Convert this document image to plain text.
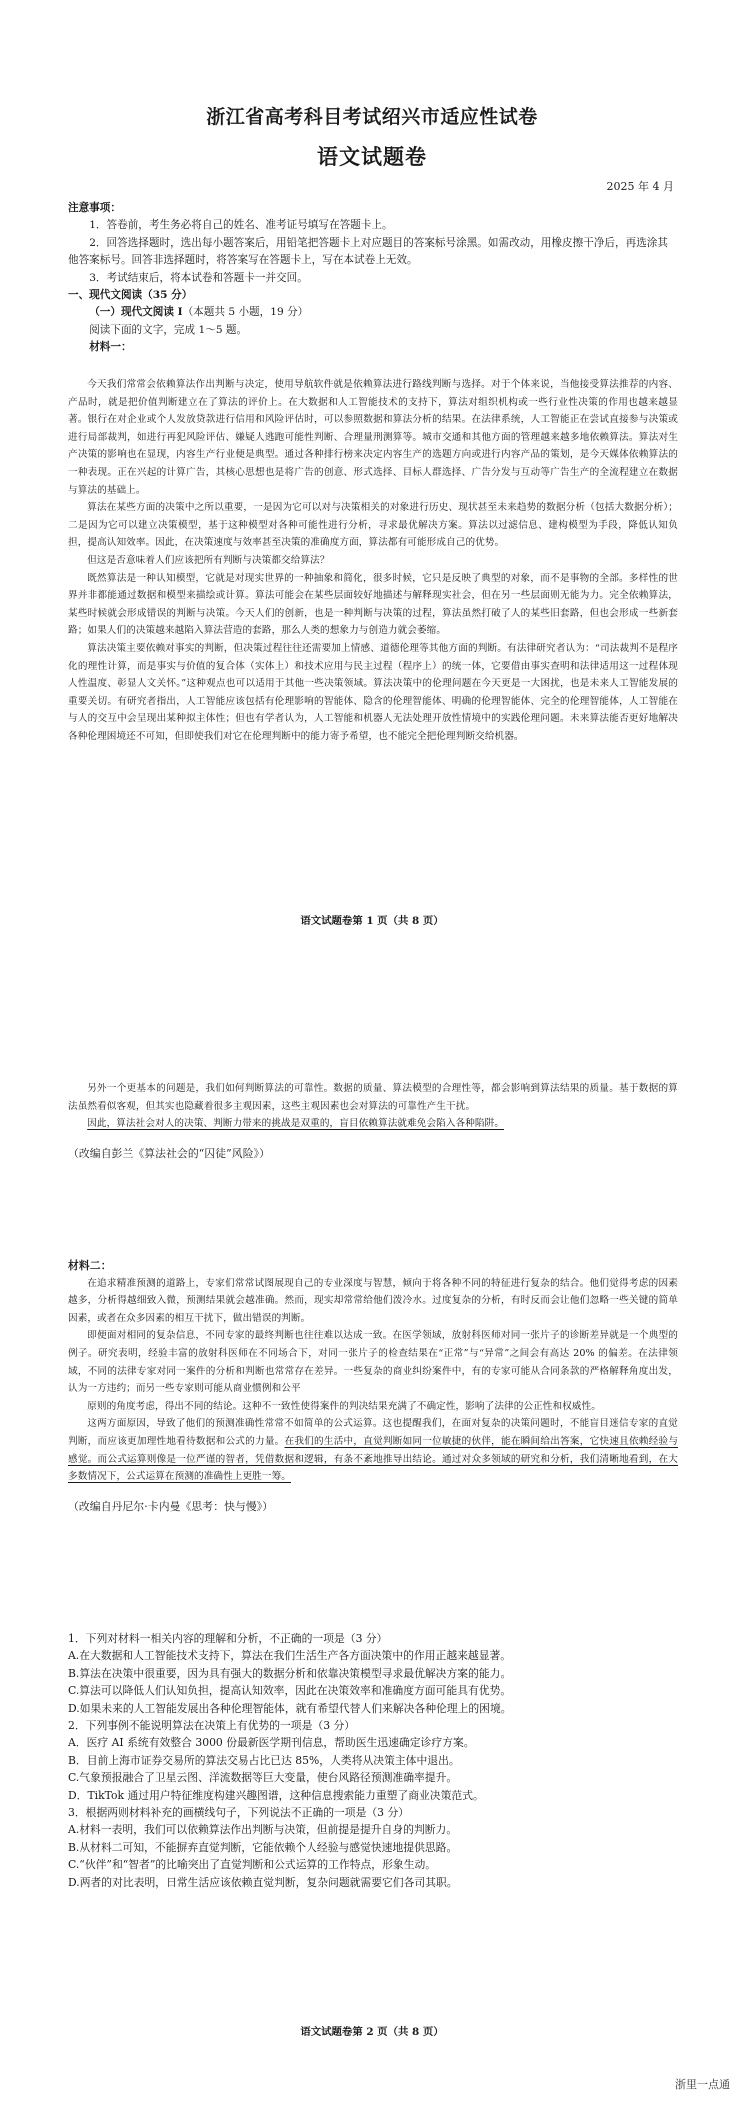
浙江省高考科目考试绍兴市适应性试卷
语文试题卷
2025 年 4 月

注意事项：

1．答卷前，考生务必将自己的姓名、准考证号填写在答题卡上。

2．回答选择题时，选出每小题答案后，用铅笔把答题卡上对应题目的答案标号涂黑。如需改动，用橡皮擦干净后，再选涂其他答案标号。回答非选择题时，将答案写在答题卡上，写在本试卷上无效。

3．考试结束后，将本试卷和答题卡一并交回。

一、现代文阅读（35 分）

（一）现代文阅读 I（本题共 5 小题，19 分）

阅读下面的文字，完成 1～5 题。

材料一：

今天我们常常会依赖算法作出判断与决定，使用导航软件就是依赖算法进行路线判断与选择。对于个体来说，当他接受算法推荐的内容、产品时，就是把价值判断建立在了算法的评价上。在大数据和人工智能技术的支持下，算法对组织机构或一些行业性决策的作用也越来越显著。银行在对企业或个人发放贷款进行信用和风险评估时，可以参照数据和算法分析的结果。在法律系统，人工智能正在尝试直接参与决策或进行局部裁判，如进行再犯风险评估、嫌疑人逃跑可能性判断、合理量刑测算等。城市交通和其他方面的管理越来越多地依赖算法。算法对生产决策的影响也在显现，内容生产行业便是典型。通过各种排行榜来决定内容生产的选题方向或进行内容产品的策划，是今天媒体依赖算法的一种表现。正在兴起的计算广告，其核心思想也是将广告的创意、形式选择、目标人群选择、广告分发与互动等广告生产的全流程建立在数据与算法的基础上。

算法在某些方面的决策中之所以重要，一是因为它可以对与决策相关的对象进行历史、现状甚至未来趋势的数据分析（包括大数据分析）；二是因为它可以建立决策模型，基于这种模型对各种可能性进行分析，寻求最优解决方案。算法以过滤信息、建构模型为手段，降低认知负担，提高认知效率。因此，在决策速度与效率甚至决策的准确度方面，算法都有可能形成自己的优势。

但这是否意味着人们应该把所有判断与决策都交给算法？

既然算法是一种认知模型，它就是对现实世界的一种抽象和简化，很多时候，它只是反映了典型的对象，而不是事物的全部。多样性的世界并非都能通过数据和模型来描绘或计算。算法可能会在某些层面较好地描述与解释现实社会，但在另一些层面则无能为力。完全依赖算法，某些时候就会形成错误的判断与决策。今天人们的创新，也是一种判断与决策的过程，算法虽然打破了人的某些旧套路，但也会形成一些新套路；如果人们的决策越来越陷入算法营造的套路，那么人类的想象力与创造力就会萎缩。

算法决策主要依赖对事实的判断，但决策过程往往还需要加上情感、道德伦理等其他方面的判断。有法律研究者认为：“司法裁判不是程序化的理性计算，而是事实与价值的复合体（实体上）和技术应用与民主过程（程序上）的统一体，它要借由事实查明和法律适用这一过程体现人性温度、彰显人文关怀。”这种观点也可以适用于其他一些决策领域。算法决策中的伦理问题在今天更是一大困扰，也是未来人工智能发展的重要关切。有研究者指出，人工智能应该包括有伦理影响的智能体、隐含的伦理智能体、明确的伦理智能体、完全的伦理智能体，人工智能在与人的交互中会呈现出某种拟主体性；但也有学者认为，人工智能和机器人无法处理开放性情境中的实践伦理问题。未来算法能否更好地解决各种伦理困境还不可知，但即使我们对它在伦理判断中的能力寄予希望，也不能完全把伦理判断交给机器。

语文试题卷第 1 页（共 8 页）

另外一个更基本的问题是，我们如何判断算法的可靠性。数据的质量、算法模型的合理性等，都会影响到算法结果的质量。基于数据的算法虽然看似客观，但其实也隐藏着很多主观因素，这些主观因素也会对算法的可靠性产生干扰。

因此，算法社会对人的决策、判断力带来的挑战是双重的，盲目依赖算法就难免会陷入各种陷阱。

（改编自彭兰《算法社会的“囚徒”风险》）

材料二：

在追求精准预测的道路上，专家们常常试图展现自己的专业深度与智慧，倾向于将各种不同的特征进行复杂的结合。他们觉得考虑的因素越多，分析得越细致入微，预测结果就会越准确。然而，现实却常常给他们泼冷水。过度复杂的分析，有时反而会让他们忽略一些关键的简单因素，或者在众多因素的相互干扰下，做出错误的判断。

即便面对相同的复杂信息，不同专家的最终判断也往往难以达成一致。在医学领域，放射科医师对同一张片子的诊断差异就是一个典型的例子。研究表明，经验丰富的放射科医师在不同场合下，对同一张片子的检查结果在“正常”与“异常”之间会有高达 20% 的偏差。在法律领域，不同的法律专家对同一案件的分析和判断也常常存在差异。一些复杂的商业纠纷案件中，有的专家可能从合同条款的严格解释角度出发，认为一方违约；而另一些专家则可能从商业惯例和公平

原则的角度考虑，得出不同的结论。这种不一致性使得案件的判决结果充满了不确定性，影响了法律的公正性和权威性。

这两方面原因，导致了他们的预测准确性常常不如简单的公式运算。这也提醒我们，在面对复杂的决策问题时，不能盲目迷信专家的直觉判断，而应该更加理性地看待数据和公式的力量。在我们的生活中，直觉判断如同一位敏捷的伙伴，能在瞬间给出答案，它快速且依赖经验与感觉。而公式运算则像是一位严谨的智者，凭借数据和逻辑，有条不紊地推导出结论。通过对众多领域的研究和分析，我们清晰地看到，在大多数情况下，公式运算在预测的准确性上更胜一筹。

（改编自丹尼尔·卡内曼《思考：快与慢》）

1．下列对材料一相关内容的理解和分析，不正确的一项是（3 分）

A.在大数据和人工智能技术支持下，算法在我们生活生产各方面决策中的作用正越来越显著。

B.算法在决策中很重要，因为具有强大的数据分析和依靠决策模型寻求最优解决方案的能力。

C.算法可以降低人们认知负担，提高认知效率，因此在决策效率和准确度方面可能具有优势。

D.如果未来的人工智能发展出各种伦理智能体，就有希望代替人们来解决各种伦理上的困境。

2．下列事例不能说明算法在决策上有优势的一项是（3 分）

A．医疗 AI 系统有效整合 3000 份最新医学期刊信息，帮助医生迅速确定诊疗方案。

B．目前上海市证券交易所的算法交易占比已达 85%，人类将从决策主体中退出。

C.气象预报融合了卫星云图、洋流数据等巨大变量，使台风路径预测准确率提升。

D．TikTok 通过用户特征维度构建兴趣图谱，这种信息搜索能力重塑了商业决策范式。

3．根据两则材料补充的画横线句子，下列说法不正确的一项是（3 分）

A.材料一表明，我们可以依赖算法作出判断与决策，但前提是提升自身的判断力。

B.从材料二可知，不能摒弃直觉判断，它能依赖个人经验与感觉快速地提供思路。

C.“伙伴”和“智者”的比喻突出了直觉判断和公式运算的工作特点，形象生动。

D.两者的对比表明，日常生活应该依赖直觉判断，复杂问题就需要它们各司其职。

语文试题卷第 2 页（共 8 页）
浙里一点通
